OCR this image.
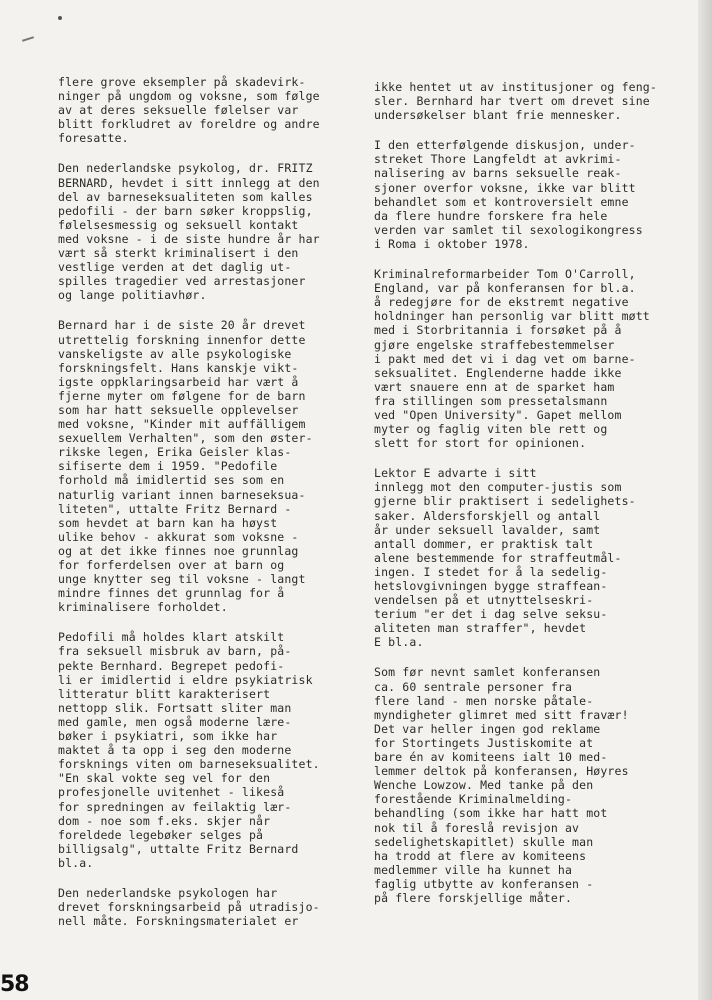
flere grove eksempler på skadevirk-
ninger på ungdom og voksne, som følge
av at deres seksuelle følelser var
blitt forkludret av foreldre og andre
foresatte.

Den nederlandske psykolog, dr. FRITZ
BERNARD, hevdet i sitt innlegg at den
del av barneseksualiteten som kalles
pedofili - der barn søker kroppslig,
følelsesmessig og seksuell kontakt
med voksne - i de siste hundre år har
vært så sterkt kriminalisert i den
vestlige verden at det daglig ut-
spilles tragedier ved arrestasjoner
og lange politiavhør.

Bernard har i de siste 20 år drevet
utrettelig forskning innenfor dette
vanskeligste av alle psykologiske
forskningsfelt. Hans kanskje vikt-
igste oppklaringsarbeid har vært å
fjerne myter om følgene for de barn
som har hatt seksuelle opplevelser
med voksne, "Kinder mit auffälligem
sexuellem Verhalten", som den øster-
rikske legen, Erika Geisler klas-
sifiserte dem i 1959. "Pedofile
forhold må imidlertid ses som en
naturlig variant innen barneseksua-
liteten", uttalte Fritz Bernard -
som hevdet at barn kan ha høyst
ulike behov - akkurat som voksne -
og at det ikke finnes noe grunnlag
for forferdelsen over at barn og
unge knytter seg til voksne - langt
mindre finnes det grunnlag for å
kriminalisere forholdet.

Pedofili må holdes klart atskilt
fra seksuell misbruk av barn, på-
pekte Bernhard. Begrepet pedofi-
li er imidlertid i eldre psykiatrisk
litteratur blitt karakterisert
nettopp slik. Fortsatt sliter man
med gamle, men også moderne lære-
bøker i psykiatri, som ikke har
maktet å ta opp i seg den moderne
forsknings viten om barneseksualitet.
"En skal vokte seg vel for den
profesjonelle uvitenhet - likeså
for spredningen av feilaktig lær-
dom - noe som f.eks. skjer når
foreldede legebøker selges på
billigsalg", uttalte Fritz Bernard
bl.a.

Den nederlandske psykologen har
drevet forskningsarbeid på utradisjo-
nell måte. Forskningsmaterialet er

ikke hentet ut av institusjoner og feng-
sler. Bernhard har tvert om drevet sine
undersøkelser blant frie mennesker.

I den etterfølgende diskusjon, under-
streket Thore Langfeldt at avkrimi-
nalisering av barns seksuelle reak-
sjoner overfor voksne, ikke var blitt
behandlet som et kontroversielt emne
da flere hundre forskere fra hele
verden var samlet til sexologikongress
i Roma i oktober 1978.

Kriminalreformarbeider Tom O'Carroll,
England, var på konferansen for bl.a.
å redegjøre for de ekstremt negative
holdninger han personlig var blitt møtt
med i Storbritannia i forsøket på å
gjøre engelske straffebestemmelser
i pakt med det vi i dag vet om barne-
seksualitet. Englenderne hadde ikke
vært snauere enn at de sparket ham
fra stillingen som pressetalsmann
ved "Open University". Gapet mellom
myter og faglig viten ble rett og
slett for stort for opinionen.

Lektor E advarte i sitt
innlegg mot den computer-justis som
gjerne blir praktisert i sedelighets-
saker. Aldersforskjell og antall
år under seksuell lavalder, samt
antall dommer, er praktisk talt
alene bestemmende for straffeutmål-
ingen. I stedet for å la sedelig-
hetslovgivningen bygge straffean-
vendelsen på et utnyttelseskri-
terium "er det i dag selve seksu-
aliteten man straffer", hevdet
E bl.a.

Som før nevnt samlet konferansen
ca. 60 sentrale personer fra
flere land - men norske påtale-
myndigheter glimret med sitt fravær!
Det var heller ingen god reklame
for Stortingets Justiskomite at
bare én av komiteens ialt 10 med-
lemmer deltok på konferansen, Høyres
Wenche Lowzow. Med tanke på den
forestående Kriminalmelding-
behandling (som ikke har hatt mot
nok til å foreslå revisjon av
sedelighetskapitlet) skulle man
ha trodd at flere av komiteens
medlemmer ville ha kunnet ha
faglig utbytte av konferansen -
på flere forskjellige måter.

58
